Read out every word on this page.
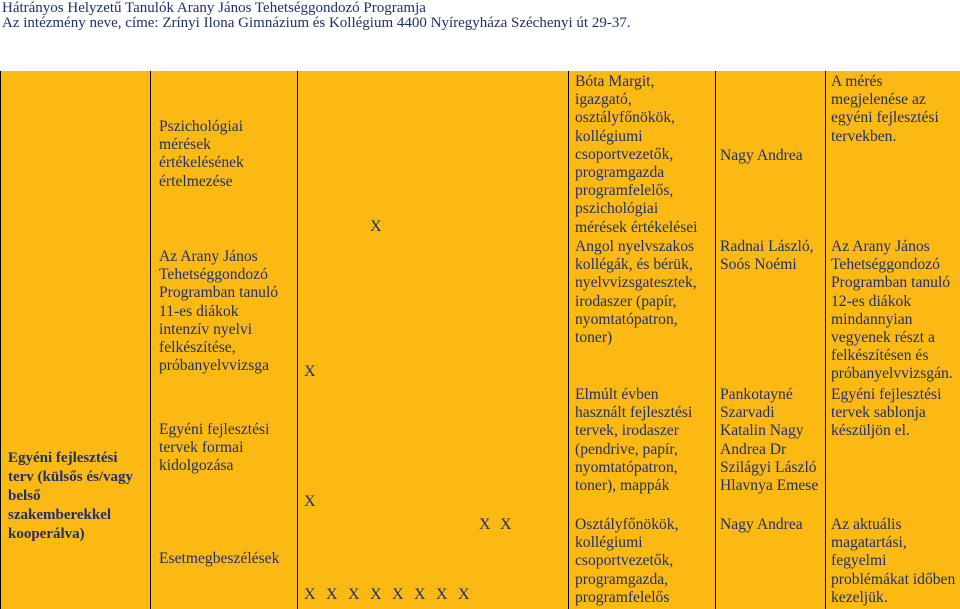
Hátrányos Helyzetű Tanulók Arany János Tehetséggondozó Programja
Az intézmény neve, címe: Zrínyi Ilona Gimnázium és Kollégium 4400 Nyíregyháza Széchenyi út 29-37.
Egyéni fejlesztési terv (külsős és/vagy belső szakemberekkel kooperálva)
Pszichológiai mérések értékelésének értelmezése
Az Arany János Tehetséggondozó Programban tanuló 11-es diákok intenzív nyelvi felkészítése, próbanyelvvizsga
Egyéni fejlesztési tervek formai kidolgozása
Esetmegbeszélések
X
X
X
X X
X X X X X X X X
Bóta Margit, igazgató, osztályfőnökök, kollégiumi csoportvezetők, programgazda programfelelős, pszichológiai mérések értékelései
Angol nyelvszakos kollégák, és bérük, nyelvvizsgatesztek, irodaszer (papír, nyomtatópatron, toner)
Elmúlt évben használt fejlesztési tervek, irodaszer (pendrive, papír, nyomtatópatron, toner), mappák
Osztályfőnökök, kollégiumi csoportvezetők, programgazda, programfelelős
Nagy Andrea
Radnai László, Soós Noémi
Pankotayné Szarvadi Katalin Nagy Andrea Dr Szilágyi László Hlavnya Emese
Nagy Andrea
A mérés megjelenése az egyéni fejlesztési tervekben.
Az Arany János Tehetséggondozó Programban tanuló 12-es diákok mindannyian vegyenek részt a felkészítésen és próbanyelvvizsgán.
Egyéni fejlesztési tervek sablonja készüljön el.
Az aktuális magatartási, fegyelmi problémákat időben kezeljük.
